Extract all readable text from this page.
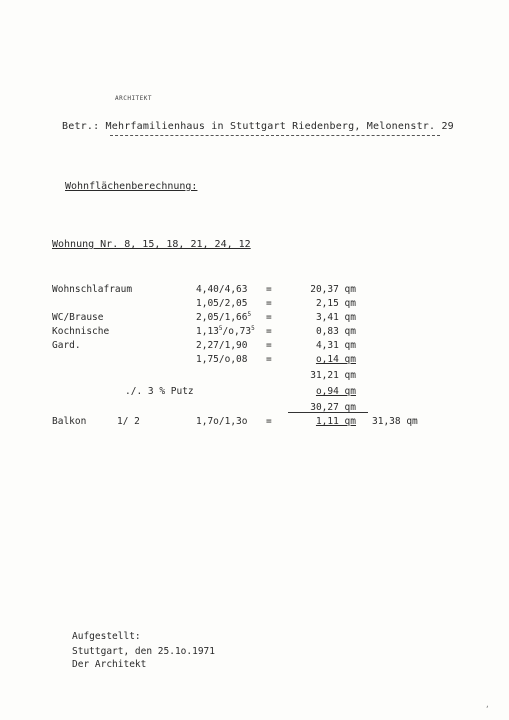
ARCHITEKT
Betr.: Mehrfamilienhaus in Stuttgart Riedenberg, Melonenstr. 29
Wohnflächenberechnung:
Wohnung Nr. 8, 15, 18, 21, 24, 12
Wohnschlafraum	4,40/4,63 =	20,37 qm
1,05/2,05 =	2,15 qm
WC/Brause	$2,05/1,66^5$ =	3,41 qm
Kochnische	$1,13^5/o,73^5$ =	0,83 qm
Gard.	2,27/1,90 =	4,31 qm
1,75/o,08 =	o,14 qm
31,21 qm
./. 3 % Putz	o,94 qm
30,27 qm
Balkon	1/ 2	1,7o/1,3o =	1,11 qm 31,38 qm
Aufgestellt:
Stuttgart, den 25.1o.1971
Der Architekt
,
